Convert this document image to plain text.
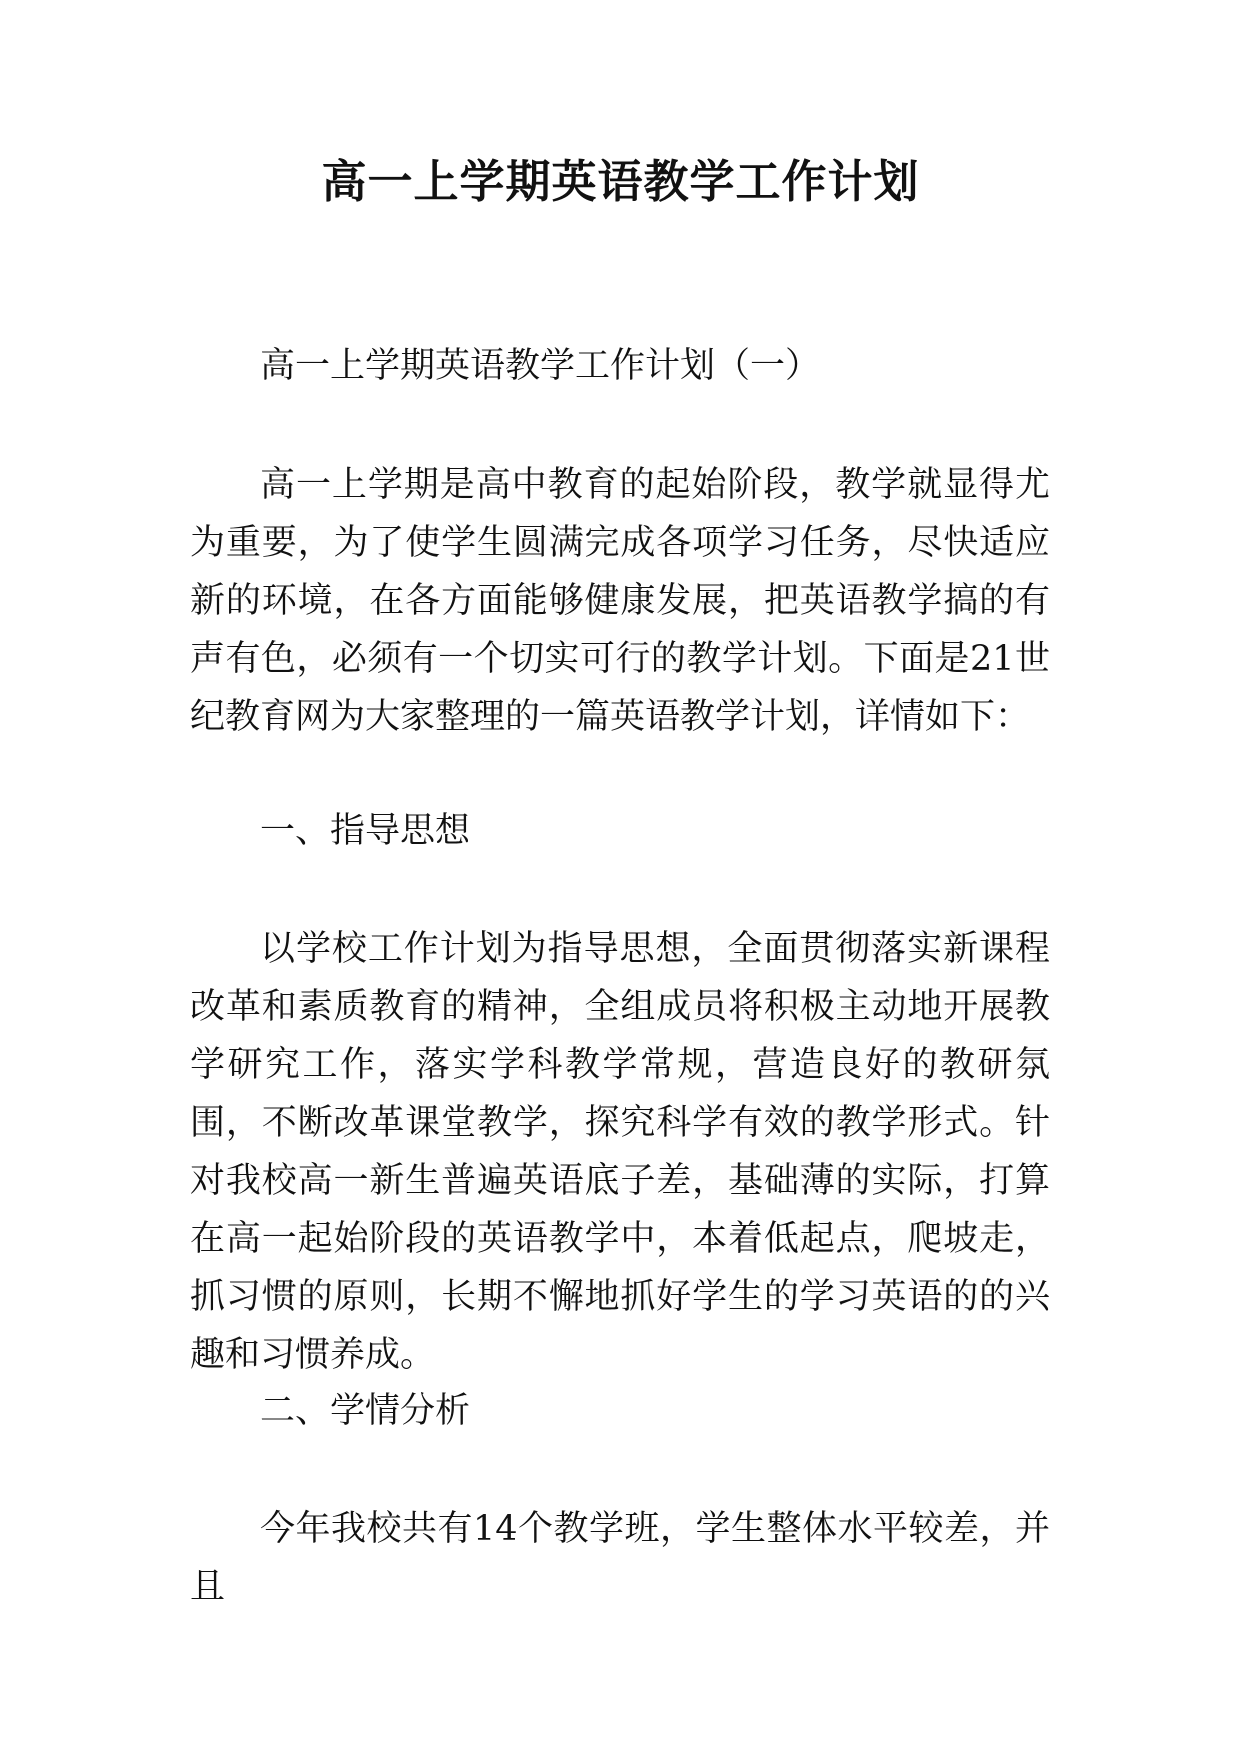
高一上学期英语教学工作计划

高一上学期英语教学工作计划（一）

高一上学期是高中教育的起始阶段，教学就显得尤为重要，为了使学生圆满完成各项学习任务，尽快适应新的环境，在各方面能够健康发展，把英语教学搞的有声有色，必须有一个切实可行的教学计划。下面是21世纪教育网为大家整理的一篇英语教学计划，详情如下：

一、指导思想

以学校工作计划为指导思想，全面贯彻落实新课程改革和素质教育的精神，全组成员将积极主动地开展教学研究工作，落实学科教学常规，营造良好的教研氛围，不断改革课堂教学，探究科学有效的教学形式。针对我校高一新生普遍英语底子差，基础薄的实际，打算在高一起始阶段的英语教学中，本着低起点，爬坡走，抓习惯的原则，长期不懈地抓好学生的学习英语的的兴趣和习惯养成。

二、学情分析

今年我校共有14个教学班，学生整体水平较差，并且
